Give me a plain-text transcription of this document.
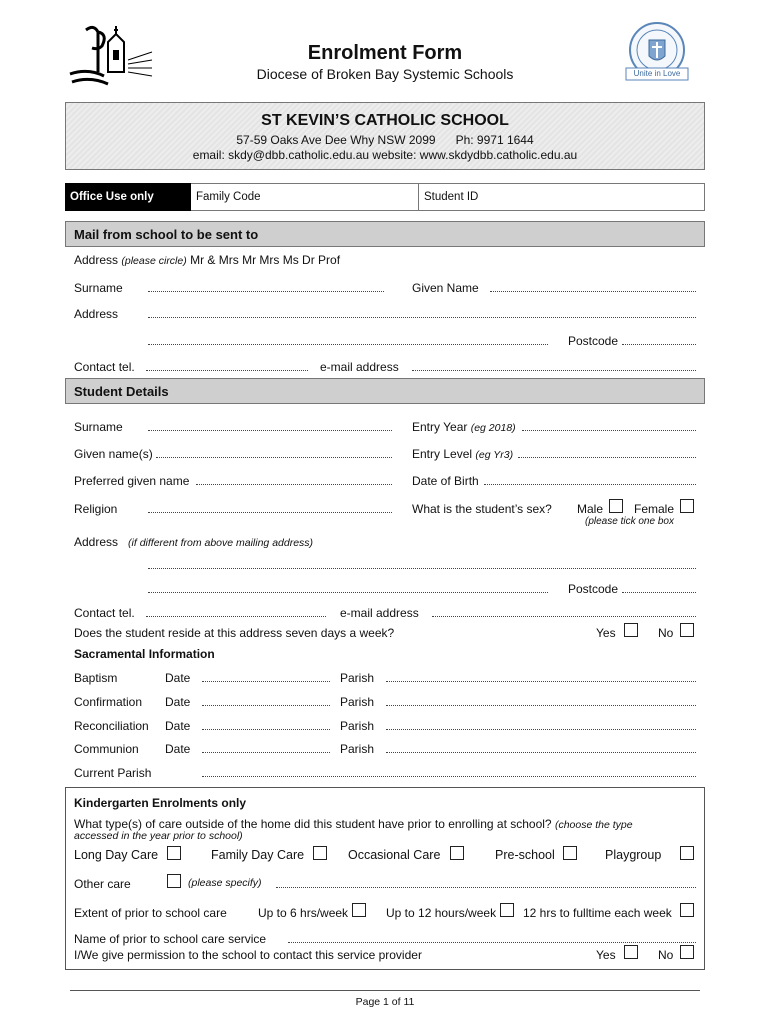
Enrolment Form
Diocese of Broken Bay Systemic Schools	Unite in Love
ST KEVIN’S CATHOLIC SCHOOL
57-59 Oaks Ave Dee Why NSW 2099 Ph: 9971 1644
email: skdy@dbb.catholic.edu.au website: www.skdydbb.catholic.edu.au
Office Use only	Family Code	Student ID
Mail from school to be sent to
Address (please circle) Mr & Mrs Mr Mrs Ms Dr Prof
Surname	Given Name
Address
Postcode
Contact tel.	e-mail address
Student Details
Surname	Entry Year (eg 2018)
Given name(s)	Entry Level (eg Yr3)
Preferred given name	Date of Birth
Religion	What is the student’s sex? Male	Female
(please tick one box
Address (if different from above mailing address)
Postcode
Contact tel.	e-mail address
Does the student reside at this address seven days a week?	Yes	No
Sacramental Information
Baptism	Date	Parish
Confirmation Date	Parish
Reconciliation Date	Parish
Communion Date	Parish
Current Parish
Kindergarten Enrolments only
What type(s) of care outside of the home did this student have prior to enrolling at school? (choose the type
accessed in the year prior to school)
Long Day Care	Family Day Care	Occasional Care	Pre-school	Playgroup
Other care	(please specify)
Extent of prior to school care	Up to 6 hrs/week	Up to 12 hours/week 12 hrs to fulltime each week
Name of prior to school care service
I/We give permission to the school to contact this service provider	Yes	No
Page 1 of 11
